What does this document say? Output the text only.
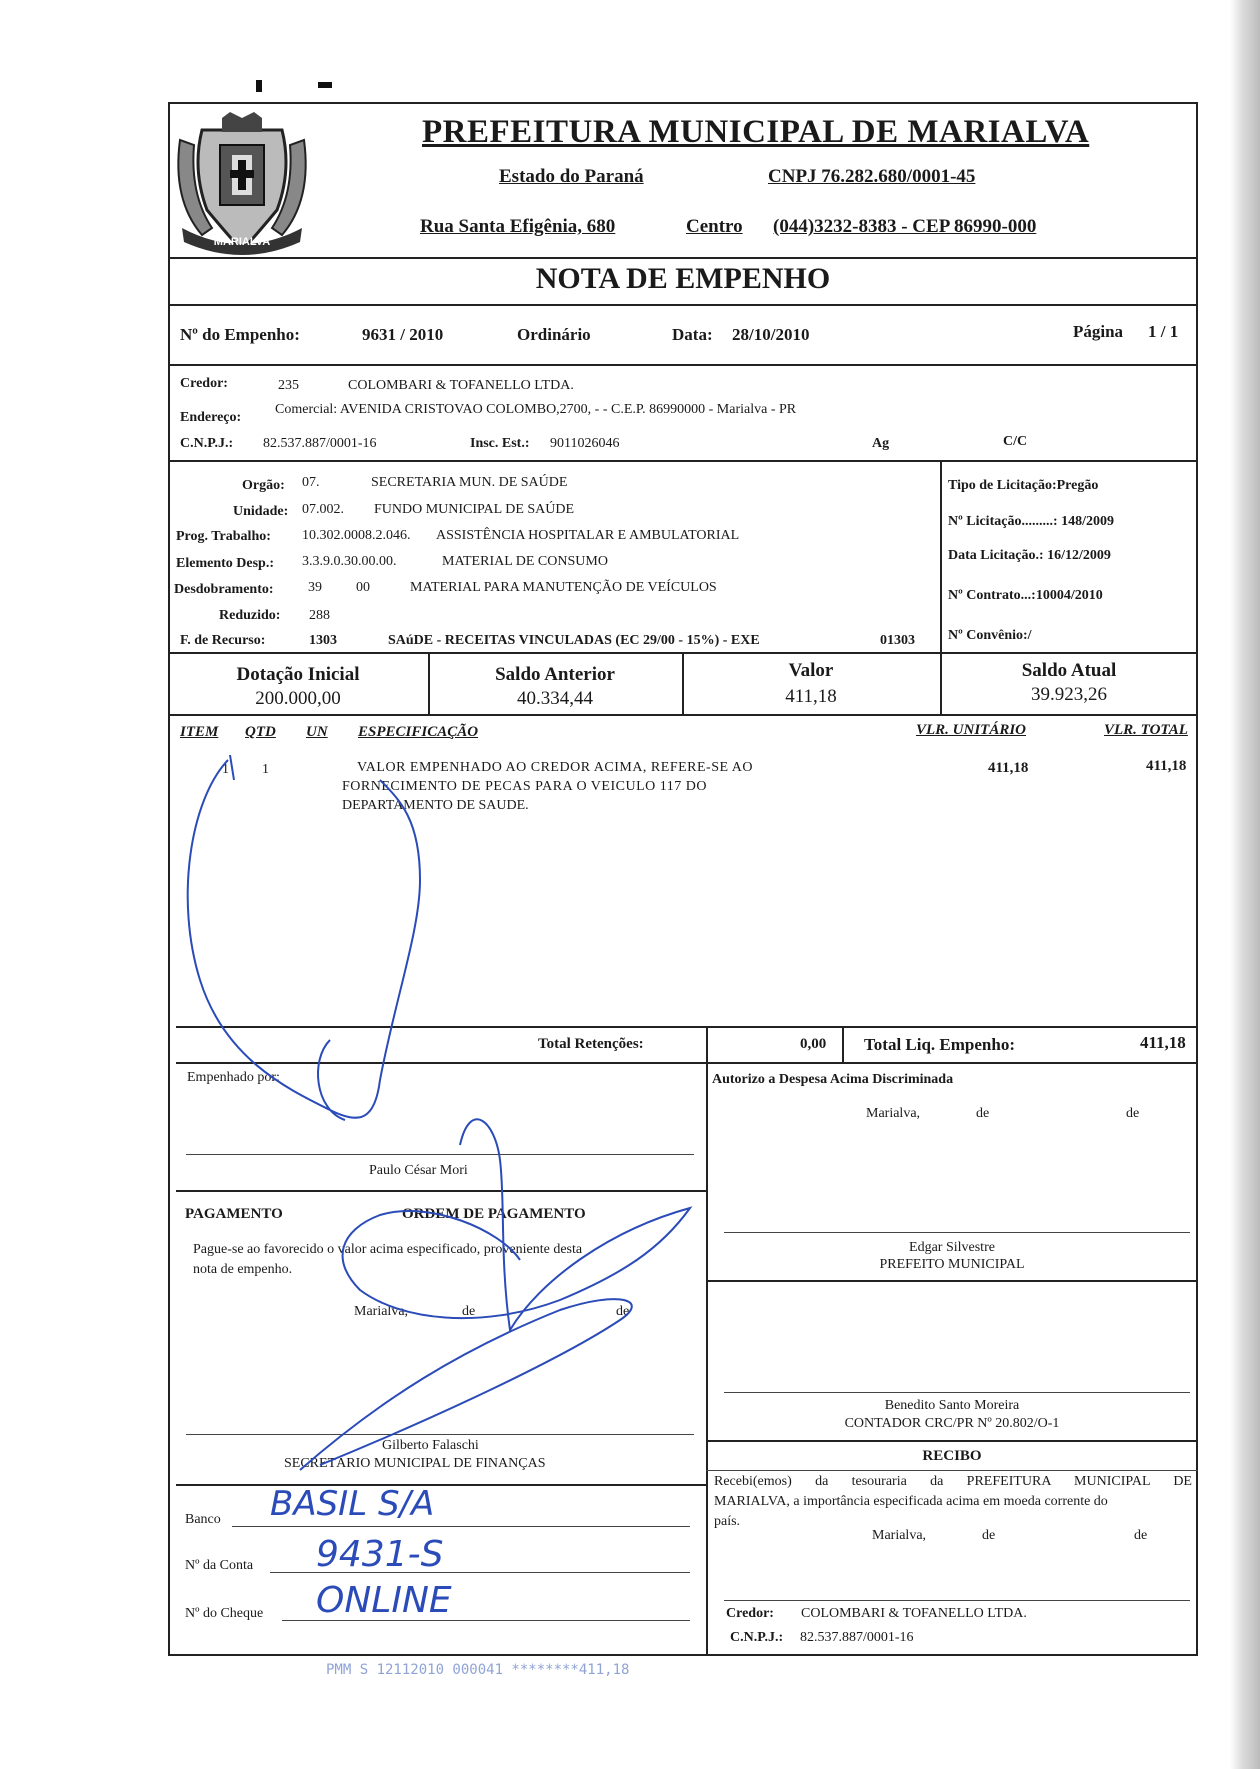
MARIALVA
PREFEITURA MUNICIPAL DE MARIALVA
Estado do Paraná	CNPJ 76.282.680/0001-45
Rua Santa Efigênia, 680	Centro (044)3232-8383 - CEP 86990-000
NOTA DE EMPENHO
Nº do Empenho:	9631 / 2010	Ordinário	Data: 28/10/2010	Página 1 / 1
Credor:	235	COLOMBARI & TOFANELLO LTDA.
Endereço:
Comercial: AVENIDA CRISTOVAO COLOMBO,2700, - - C.E.P. 86990000 - Marialva - PR
C.N.P.J.: 82.537.887/0001-16	Insc. Est.: 9011026046	Ag	C/C
Orgão: 07.	SECRETARIA MUN. DE SAÚDE
Unidade: 07.002. FUNDO MUNICIPAL DE SAÚDE
Prog. Trabalho: 10.302.0008.2.046. ASSISTÊNCIA HOSPITALAR E AMBULATORIAL
Elemento Desp.: 3.3.9.0.30.00.00.	MATERIAL DE CONSUMO
Desdobramento: 39 00	MATERIAL PARA MANUTENÇÃO DE VEÍCULOS
Reduzido: 288
F. de Recurso:	1303	SAúDE - RECEITAS VINCULADAS (EC 29/00 - 15%) - EXE	01303
Tipo de Licitação:Pregão
Nº Licitação.........: 148/2009
Data Licitação.: 16/12/2009
Nº Contrato...:10004/2010
Nº Convênio:/
Dotação Inicial
200.000,00
Saldo Anterior
40.334,44
Valor
411,18
Saldo Atual
39.923,26
ITEM QTD UN ESPECIFICAÇÃO	VLR. UNITÁRIO	VLR. TOTAL
1 1	VALOR EMPENHADO AO CREDOR ACIMA, REFERE-SE AO
FORNECIMENTO DE PECAS PARA O VEICULO 117 DO
DEPARTAMENTO DE SAUDE.
411,18	411,18
Total Retenções:	0,00 Total Liq. Empenho:	411,18
Empenhado por:
Paulo César Mori
PAGAMENTO	ORDEM DE PAGAMENTO
Pague-se ao favorecido o valor acima especificado, proveniente desta
nota de empenho.
Marialva,	de	de
Gilberto Falaschi
SECRETÁRIO MUNICIPAL DE FINANÇAS
Banco BASIL S/A
Nº da Conta 9431-S
Nº do Cheque ONLINE
Autorizo a Despesa Acima Discriminada
Marialva,	de	de
Edgar Silvestre
PREFEITO MUNICIPAL
Benedito Santo Moreira
CONTADOR CRC/PR Nº 20.802/O-1
RECIBO
Recebi(emos) da tesouraria da PREFEITURA MUNICIPAL DE
MARIALVA, a importância especificada acima em moeda corrente do
país.
Marialva,	de	de
Credor: COLOMBARI & TOFANELLO LTDA.
C.N.P.J.: 82.537.887/0001-16
PMM S 12112010 000041 ********411,18
